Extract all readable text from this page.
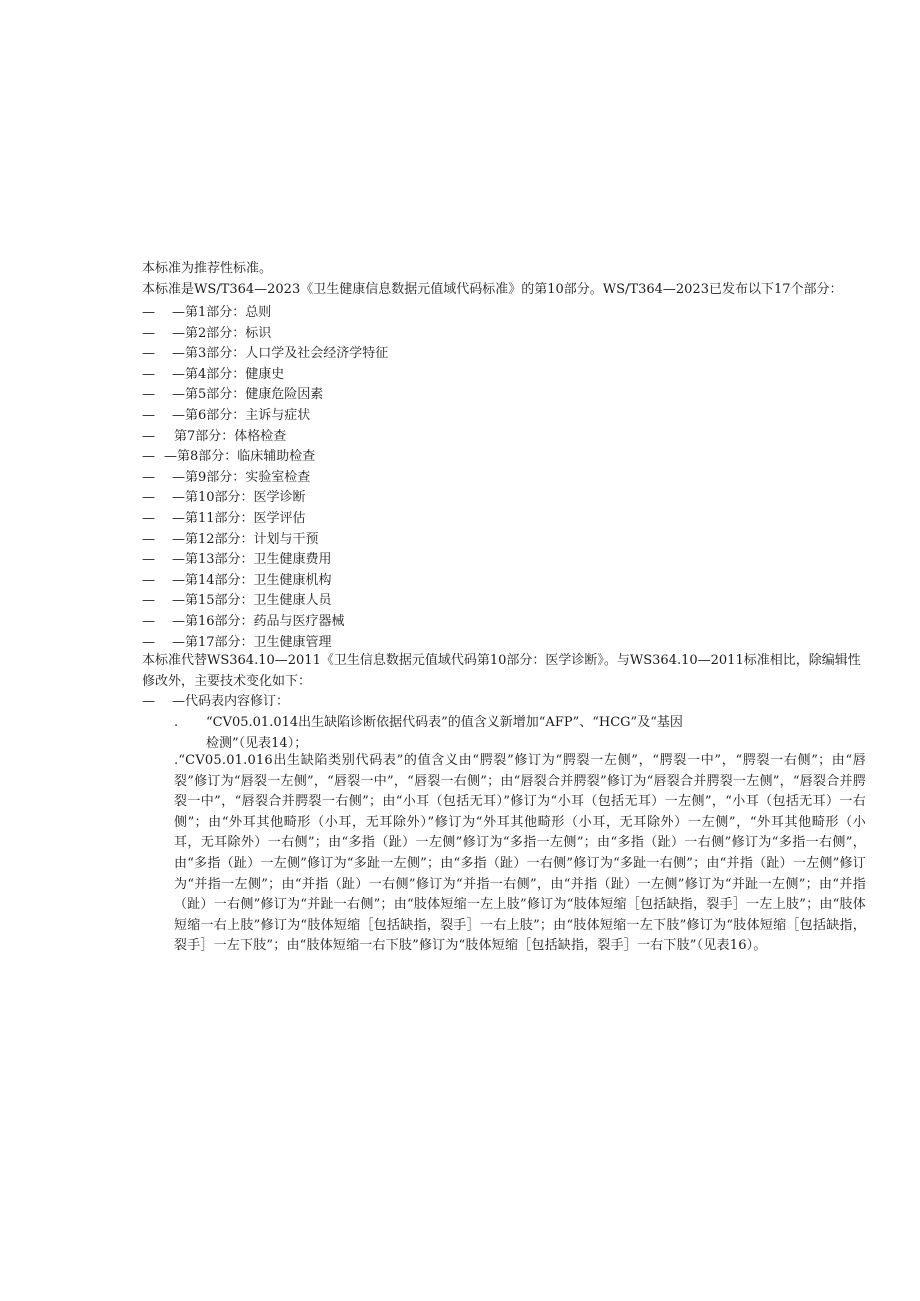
本标准为推荐性标准。
本标准是WS/T364—2023《卫生健康信息数据元值域代码标准》的第10部分。WS/T364—2023已发布以下17个部分：
— —第1部分：总则
— —第2部分：标识
— —第3部分：人口学及社会经济学特征
— —第4部分：健康史
— —第5部分：健康危险因素
— —第6部分：主诉与症状
— 第7部分：体格检查
— —第8部分：临床辅助检查
— —第9部分：实验室检查
— —第10部分：医学诊断
— —第11部分：医学评估
— —第12部分：计划与干预
— —第13部分：卫生健康费用
— —第14部分：卫生健康机构
— —第15部分：卫生健康人员
— —第16部分：药品与医疗器械
— —第17部分：卫生健康管理
本标准代替WS364.10—2011《卫生信息数据元值域代码第10部分：医学诊断》。与WS364.10—2011标准相比，除编辑性修改外，主要技术变化如下：
— —代码表内容修订：
. “CV05.01.014出生缺陷诊断依据代码表”的值含义新增加“AFP”、“HCG”及“基因
检测”（见表14）；
.“CV05.01.016出生缺陷类别代码表”的值含义由“腭裂”修订为“腭裂一左侧”，“腭裂一中”，“腭裂一右侧”；由“唇裂”修订为“唇裂一左侧”，“唇裂一中”，“唇裂一右侧”；由“唇裂合并腭裂”修订为“唇裂合并腭裂一左侧”，“唇裂合并腭裂一中”，“唇裂合并腭裂一右侧”；由“小耳（包括无耳）”修订为“小耳（包括无耳）一左侧”，“小耳（包括无耳）一右侧”；由“外耳其他畸形（小耳，无耳除外）”修订为“外耳其他畸形（小耳，无耳除外）一左侧”，“外耳其他畸形（小耳，无耳除外）一右侧”；由“多指（趾）一左侧”修订为“多指一左侧”；由“多指（趾）一右侧”修订为“多指一右侧”，由“多指（趾）一左侧”修订为“多趾一左侧”；由“多指（趾）一右侧”修订为“多趾一右侧”；由“并指（趾）一左侧”修订为“并指一左侧”；由“并指（趾）一右侧”修订为“并指一右侧”，由“并指（趾）一左侧”修订为“并趾一左侧”；由“并指（趾）一右侧”修订为“并趾一右侧”；由“肢体短缩一左上肢”修订为“肢体短缩［包括缺指，裂手］一左上肢”；由“肢体短缩一右上肢”修订为“肢体短缩［包括缺指，裂手］一右上肢”；由“肢体短缩一左下肢”修订为“肢体短缩［包括缺指，裂手］一左下肢”；由“肢体短缩一右下肢”修订为“肢体短缩［包括缺指，裂手］一右下肢”（见表16）。
